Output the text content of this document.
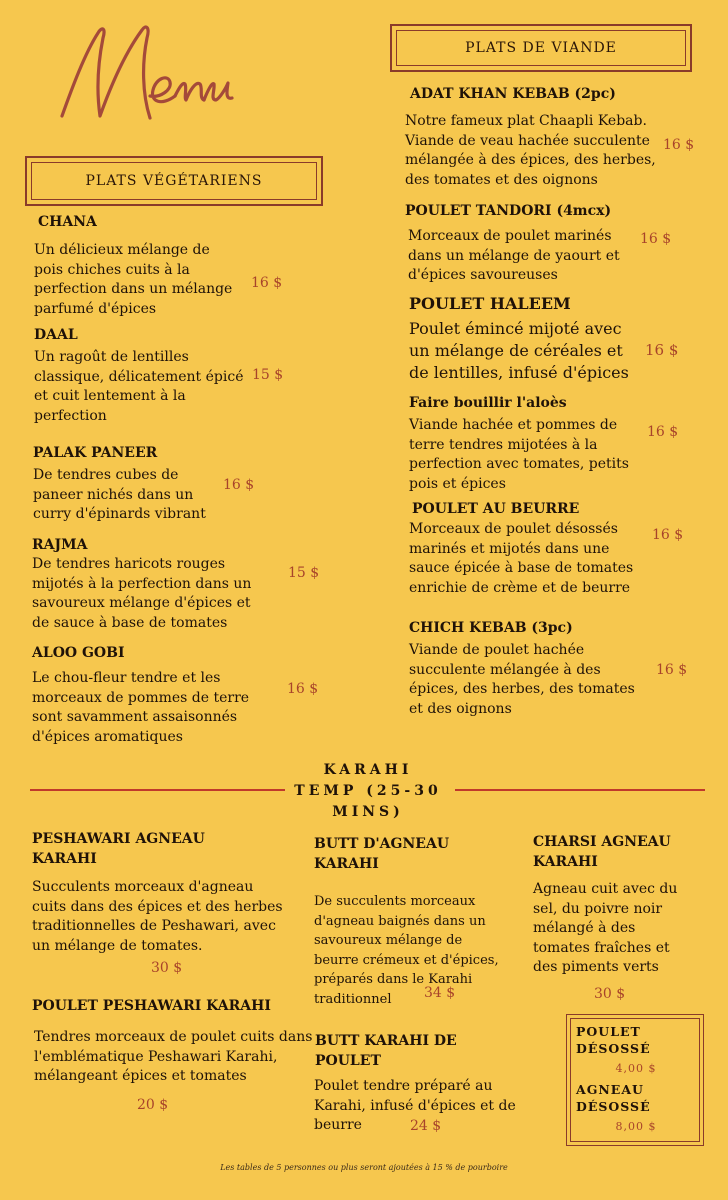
PLATS VÉGÉTARIENS
PLATS DE VIANDE
CHANA
Un délicieux mélange de pois chiches cuits à la perfection dans un mélange parfumé d'épices
16 $
DAAL
Un ragoût de lentilles classique, délicatement épicé et cuit lentement à la perfection
15 $
PALAK PANEER
De tendres cubes de paneer nichés dans un curry d'épinards vibrant
16 $
RAJMA
De tendres haricots rouges mijotés à la perfection dans un savoureux mélange d'épices et de sauce à base de tomates
15 $
ALOO GOBI
Le chou-fleur tendre et les morceaux de pommes de terre sont savamment assaisonnés d'épices aromatiques
16 $
ADAT KHAN KEBAB (2pc)
Notre fameux plat Chaapli Kebab. Viande de veau hachée succulente mélangée à des épices, des herbes, des tomates et des oignons
16 $
POULET TANDORI (4mcx)
Morceaux de poulet marinés dans un mélange de yaourt et d'épices savoureuses
16 $
POULET HALEEM
Poulet émincé mijoté avec un mélange de céréales et de lentilles, infusé d'épices
16 $
Faire bouillir l'aloès
Viande hachée et pommes de terre tendres mijotées à la perfection avec tomates, petits pois et épices
16 $
POULET AU BEURRE
Morceaux de poulet désossés marinés et mijotés dans une sauce épicée à base de tomates enrichie de crème et de beurre
16 $
CHICH KEBAB (3pc)
Viande de poulet hachée succulente mélangée à des épices, des herbes, des tomates et des oignons
16 $
KARAHI
TEMP (25-30
MINS)
PESHAWARI AGNEAU KARAHI
Succulents morceaux d'agneau cuits dans des épices et des herbes traditionnelles de Peshawari, avec un mélange de tomates.
30 $
BUTT D'AGNEAU KARAHI
De succulents morceaux d'agneau baignés dans un savoureux mélange de beurre crémeux et d'épices, préparés dans le Karahi traditionnel	34 $
CHARSI AGNEAU KARAHI
Agneau cuit avec du sel, du poivre noir mélangé à des tomates fraîches et des piments verts
30 $
POULET PESHAWARI KARAHI
Tendres morceaux de poulet cuits dans l'emblématique Peshawari Karahi, mélangeant épices et tomates
20 $
BUTT KARAHI DE POULET
Poulet tendre préparé au Karahi, infusé d'épices et de beurre	24 $
POULET DÉSOSSÉ
4,00 $
AGNEAU DÉSOSSÉ
8,00 $
Les tables de 5 personnes ou plus seront ajoutées à 15 % de pourboire
